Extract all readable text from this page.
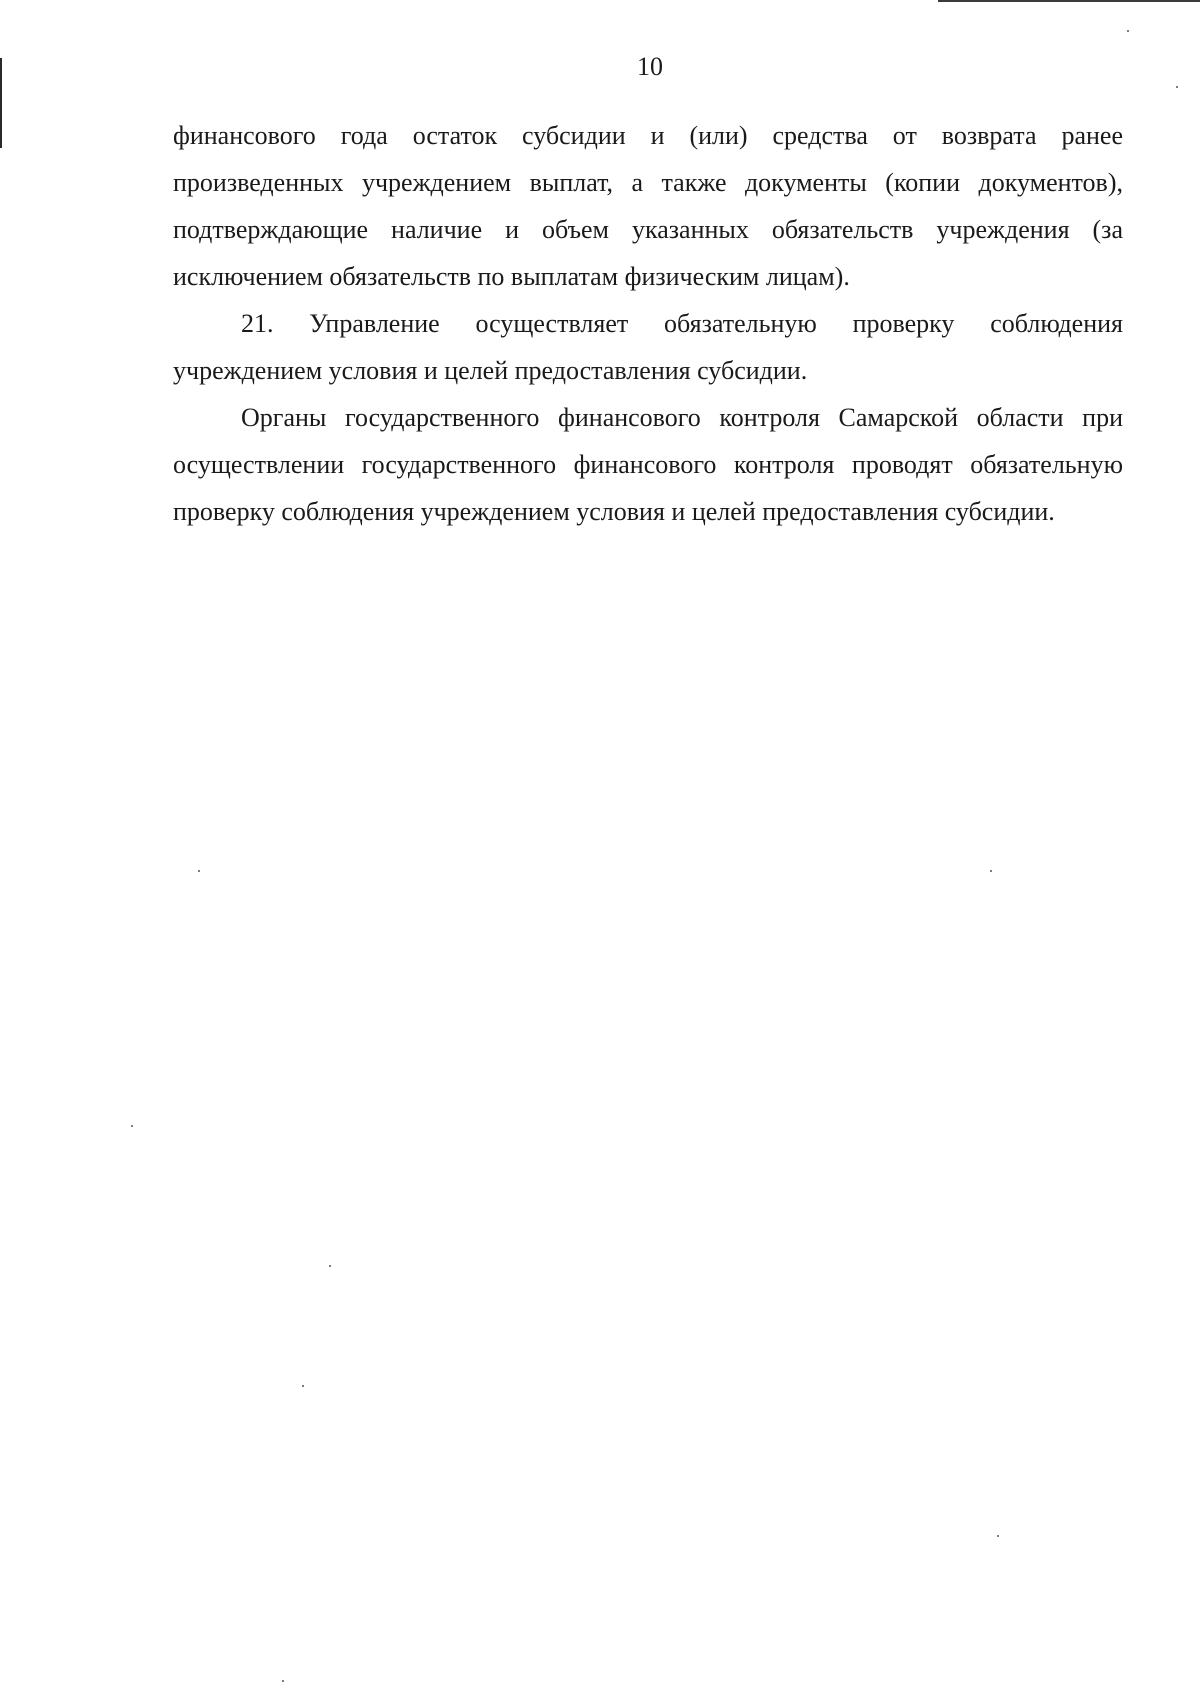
10

финансового года остаток субсидии и (или) средства от возврата ранее произведенных учреждением выплат, а также документы (копии документов), подтверждающие наличие и объем указанных обязательств учреждения (за исключением обязательств по выплатам физическим лицам).

21. Управление осуществляет обязательную проверку соблюдения учреждением условия и целей предоставления субсидии.

Органы государственного финансового контроля Самарской области при осуществлении государственного финансового контроля проводят обязательную проверку соблюдения учреждением условия и целей предоставления субсидии.
